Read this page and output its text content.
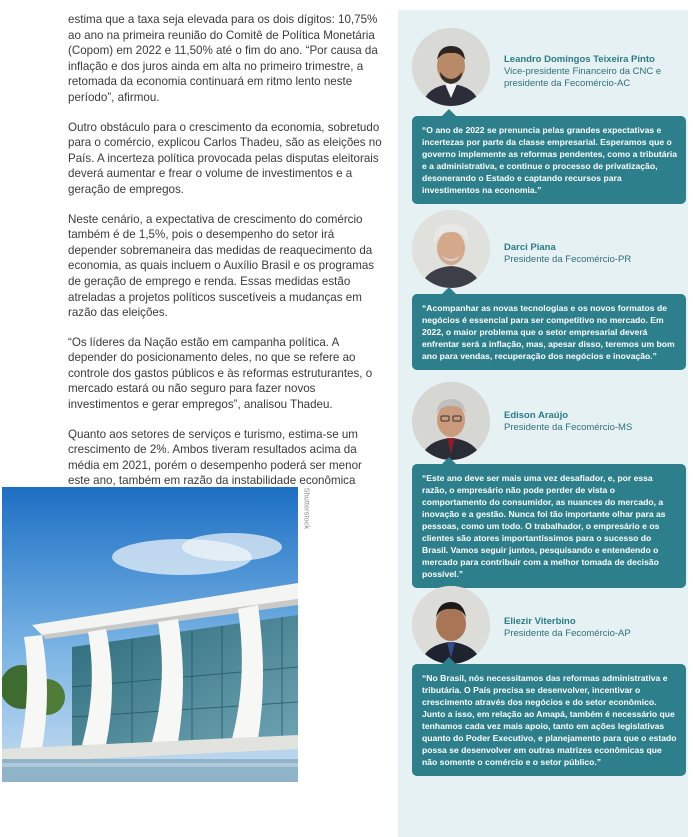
estima que a taxa seja elevada para os dois dígitos: 10,75% ao ano na primeira reunião do Comitê de Política Monetária (Copom) em 2022 e 11,50% até o fim do ano. “Por causa da inflação e dos juros ainda em alta no primeiro trimestre, a retomada da economia continuará em ritmo lento neste período”, afirmou.

Outro obstáculo para o crescimento da economia, sobretudo para o comércio, explicou Carlos Thadeu, são as eleições no País. A incerteza política provocada pelas disputas eleitorais deverá aumentar e frear o volume de investimentos e a geração de empregos.

Neste cenário, a expectativa de crescimento do comércio também é de 1,5%, pois o desempenho do setor irá depender sobremaneira das medidas de reaquecimento da economia, as quais incluem o Auxílio Brasil e os programas de geração de emprego e renda. Essas medidas estão atreladas a projetos políticos suscetíveis a mudanças em razão das eleições.

“Os líderes da Nação estão em campanha política. A depender do posicionamento deles, no que se refere ao controle dos gastos públicos e às reformas estruturantes, o mercado estará ou não seguro para fazer novos investimentos e gerar empregos”, analisou Thadeu.

Quanto aos setores de serviços e turismo, estima-se um crescimento de 2%. Ambos tiveram resultados acima da média em 2021, porém o desempenho poderá ser menor este ano, também em razão da instabilidade econômica

Shutterstock
Leandro Domingos Teixeira Pinto
Vice-presidente Financeiro da CNC e presidente da Fecomércio-AC
“O ano de 2022 se prenuncia pelas grandes expectativas e incertezas por parte da classe empresarial. Esperamos que o governo implemente as reformas pendentes, como a tributária e a administrativa, e continue o processo de privatização, desonerando o Estado e captando recursos para investimentos na economia.”
Darci Piana
Presidente da Fecomércio-PR
“Acompanhar as novas tecnologias e os novos formatos de negócios é essencial para ser competitivo no mercado. Em 2022, o maior problema que o setor empresarial deverá enfrentar será a inflação, mas, apesar disso, teremos um bom ano para vendas, recuperação dos negócios e inovação.”
Edison Araújo
Presidente da Fecomércio-MS
“Este ano deve ser mais uma vez desafiador, e, por essa razão, o empresário não pode perder de vista o comportamento do consumidor, as nuances do mercado, a inovação e a gestão. Nunca foi tão importante olhar para as pessoas, como um todo. O trabalhador, o empresário e os clientes são atores importantíssimos para o sucesso do Brasil. Vamos seguir juntos, pesquisando e entendendo o mercado para contribuir com a melhor tomada de decisão possível.”
Eliezir Viterbino
Presidente da Fecomércio-AP
“No Brasil, nós necessitamos das reformas administrativa e tributária. O País precisa se desenvolver, incentivar o crescimento através dos negócios e do setor econômico. Junto a isso, em relação ao Amapá, também é necessário que tenhamos cada vez mais apoio, tanto em ações legislativas quanto do Poder Executivo, e planejamento para que o estado possa se desenvolver em outras matrizes econômicas que não somente o comércio e o setor público.”
